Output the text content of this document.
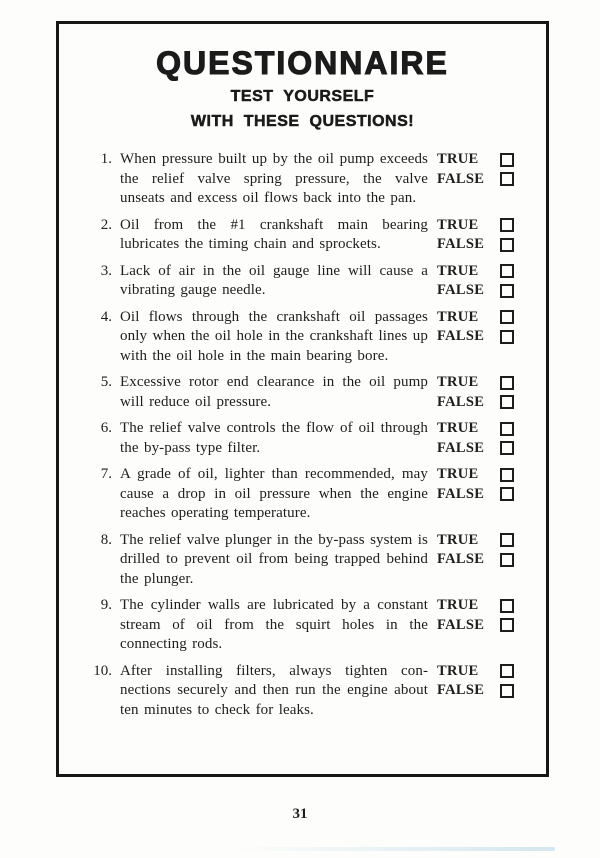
QUESTIONNAIRE
TEST YOURSELF
WITH THESE QUESTIONS!
1. When pressure built up by the oil pump exceeds the relief valve spring pressure, the valve unseats and excess oil flows back into the pan.
TRUE
FALSE
2. Oil from the #1 crankshaft main bearing lubricates the timing chain and sprockets.
TRUE
FALSE
3. Lack of air in the oil gauge line will cause a vibrating gauge needle.
TRUE
FALSE
4. Oil flows through the crankshaft oil passages only when the oil hole in the crankshaft lines up with the oil hole in the main bearing bore.
TRUE
FALSE
5. Excessive rotor end clearance in the oil pump will reduce oil pressure.
TRUE
FALSE
6. The relief valve controls the flow of oil through the by-pass type filter.
TRUE
FALSE
7. A grade of oil, lighter than recommended, may cause a drop in oil pressure when the engine reaches operating temperature.
TRUE
FALSE
8. The relief valve plunger in the by-pass system is drilled to prevent oil from being trapped behind the plunger.
TRUE
FALSE
9. The cylinder walls are lubricated by a constant stream of oil from the squirt holes in the connecting rods.
TRUE
FALSE
10. After installing filters, always tighten connections securely and then run the engine about ten minutes to check for leaks.
TRUE
FALSE
31
